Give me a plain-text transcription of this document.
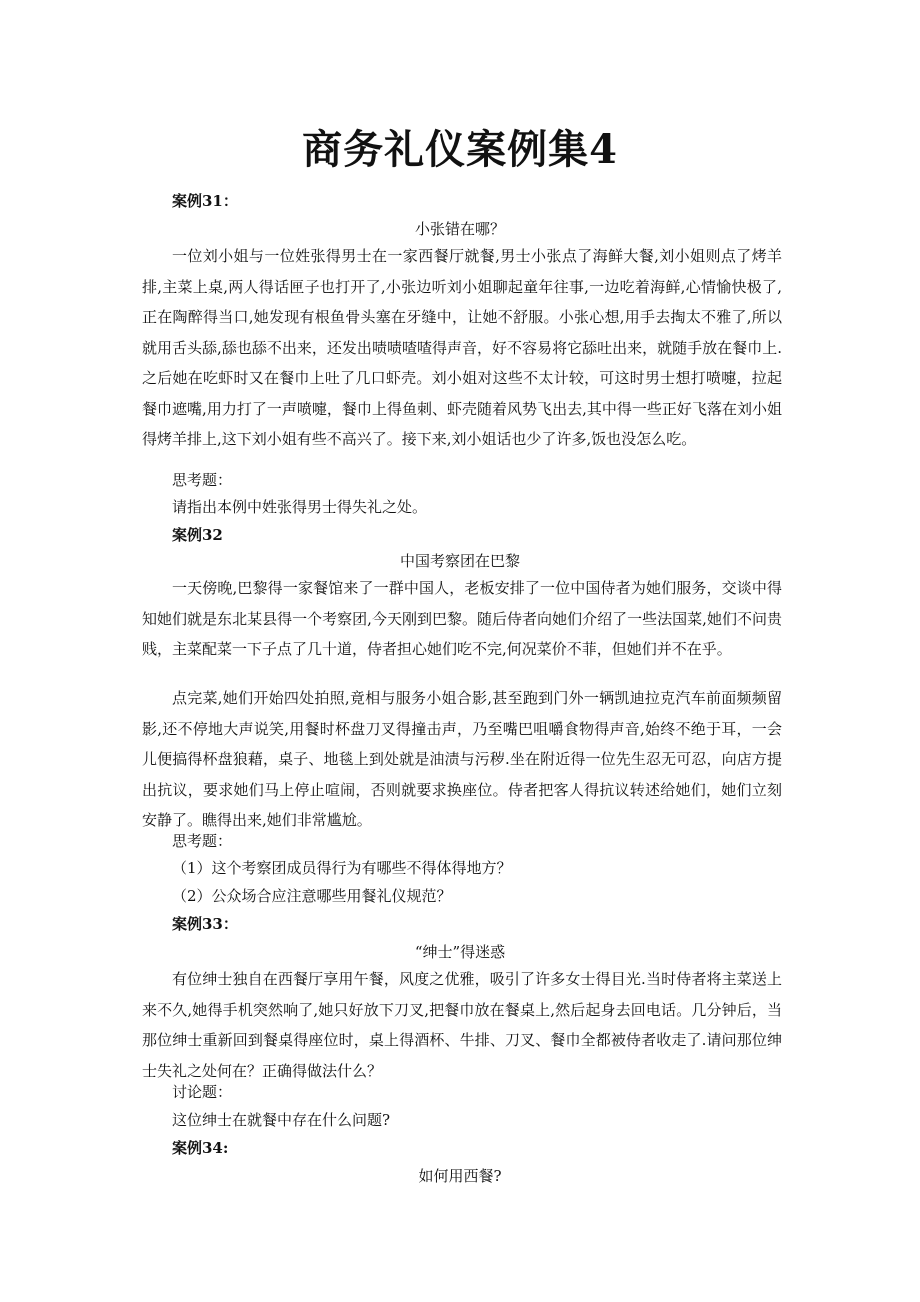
商务礼仪案例集4
案例31：
小张错在哪？

一位刘小姐与一位姓张得男士在一家西餐厅就餐,男士小张点了海鲜大餐,刘小姐则点了烤羊排,主菜上桌,两人得话匣子也打开了,小张边听刘小姐聊起童年往事,一边吃着海鲜,心情愉快极了,正在陶醉得当口,她发现有根鱼骨头塞在牙缝中，让她不舒服。小张心想,用手去掏太不雅了,所以就用舌头舔,舔也舔不出来，还发出啧啧喳喳得声音，好不容易将它舔吐出来，就随手放在餐巾上.之后她在吃虾时又在餐巾上吐了几口虾壳。刘小姐对这些不太计较，可这时男士想打喷嚏，拉起餐巾遮嘴,用力打了一声喷嚏，餐巾上得鱼刺、虾壳随着风势飞出去,其中得一些正好飞落在刘小姐得烤羊排上,这下刘小姐有些不高兴了。接下来,刘小姐话也少了许多,饭也没怎么吃。

思考题：
请指出本例中姓张得男士得失礼之处。
案例32
中国考察团在巴黎

一天傍晚,巴黎得一家餐馆来了一群中国人，老板安排了一位中国侍者为她们服务，交谈中得知她们就是东北某县得一个考察团,今天刚到巴黎。随后侍者向她们介绍了一些法国菜,她们不问贵贱，主菜配菜一下子点了几十道，侍者担心她们吃不完,何况菜价不菲，但她们并不在乎。

点完菜,她们开始四处拍照,竟相与服务小姐合影,甚至跑到门外一辆凯迪拉克汽车前面频频留影,还不停地大声说笑,用餐时杯盘刀叉得撞击声，乃至嘴巴咀嚼食物得声音,始终不绝于耳，一会儿便搞得杯盘狼藉，桌子、地毯上到处就是油渍与污秽.坐在附近得一位先生忍无可忍，向店方提出抗议，要求她们马上停止喧闹，否则就要求换座位。侍者把客人得抗议转述给她们，她们立刻安静了。瞧得出来,她们非常尴尬。

思考题：
（1）这个考察团成员得行为有哪些不得体得地方？
（2）公众场合应注意哪些用餐礼仪规范？
案例33：
“绅士”得迷惑

有位绅士独自在西餐厅享用午餐，风度之优雅，吸引了许多女士得目光.当时侍者将主菜送上来不久,她得手机突然响了,她只好放下刀叉,把餐巾放在餐桌上,然后起身去回电话。几分钟后，当那位绅士重新回到餐桌得座位时，桌上得酒杯、牛排、刀叉、餐巾全都被侍者收走了.请问那位绅士失礼之处何在？正确得做法什么？

讨论题：
这位绅士在就餐中存在什么问题?
案例34:
如何用西餐?
